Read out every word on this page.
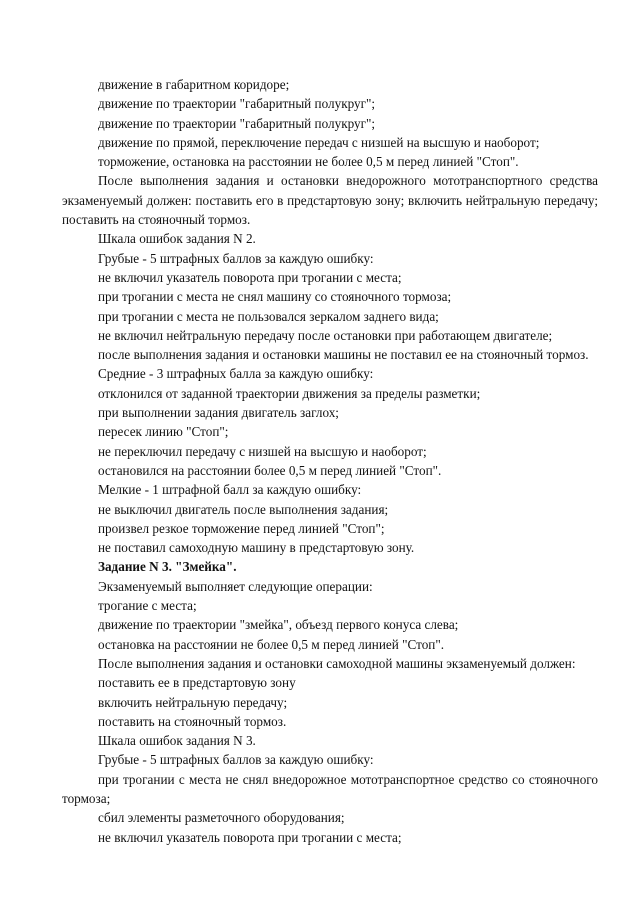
движение в габаритном коридоре;

движение по траектории "габаритный полукруг";

движение по траектории "габаритный полукруг";

движение по прямой, переключение передач с низшей на высшую и наоборот;

торможение, остановка на расстоянии не более 0,5 м перед линией "Стоп".

После выполнения задания и остановки внедорожного мототранспортного средства экзаменуемый должен: поставить его в предстартовую зону; включить нейтральную передачу; поставить на стояночный тормоз.

Шкала ошибок задания N 2.

Грубые - 5 штрафных баллов за каждую ошибку:

не включил указатель поворота при трогании с места;

при трогании с места не снял машину со стояночного тормоза;

при трогании с места не пользовался зеркалом заднего вида;

не включил нейтральную передачу после остановки при работающем двигателе;

после выполнения задания и остановки машины не поставил ее на стояночный тормоз.

Средние - 3 штрафных балла за каждую ошибку:

отклонился от заданной траектории движения за пределы разметки;

при выполнении задания двигатель заглох;

пересек линию "Стоп";

не переключил передачу с низшей на высшую и наоборот;

остановился на расстоянии более 0,5 м перед линией "Стоп".

Мелкие - 1 штрафной балл за каждую ошибку:

не выключил двигатель после выполнения задания;

произвел резкое торможение перед линией "Стоп";

не поставил самоходную машину в предстартовую зону.

Задание N 3. "Змейка".

Экзаменуемый выполняет следующие операции:

трогание с места;

движение по траектории "змейка", объезд первого конуса слева;

остановка на расстоянии не более 0,5 м перед линией "Стоп".

После выполнения задания и остановки самоходной машины экзаменуемый должен:

поставить ее в предстартовую зону

включить нейтральную передачу;

поставить на стояночный тормоз.

Шкала ошибок задания N 3.

Грубые - 5 штрафных баллов за каждую ошибку:

при трогании с места не снял внедорожное мототранспортное средство со стояночного тормоза;

сбил элементы разметочного оборудования;

не включил указатель поворота при трогании с места;
